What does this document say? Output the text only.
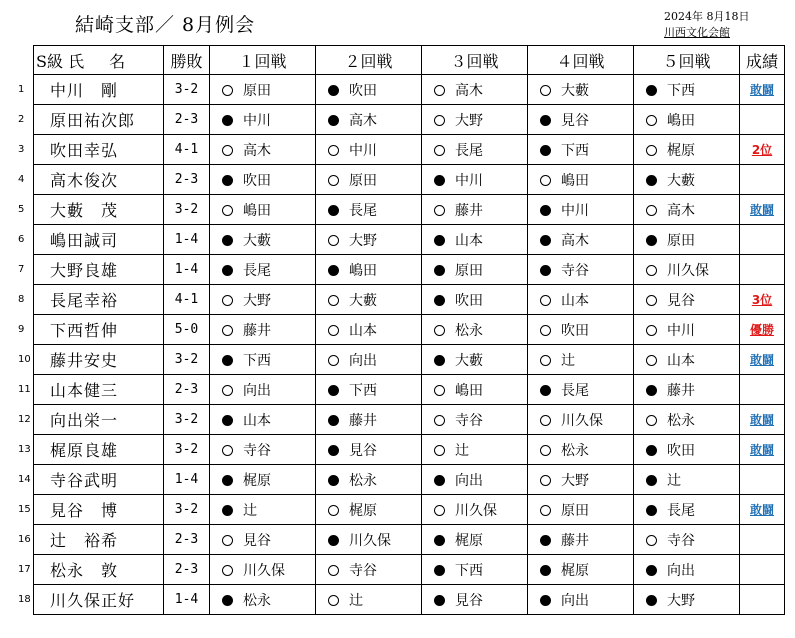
結崎支部／ 8月例会	2024年 8月18日
川西文化会館
1
2
3
4
5
6
7
8
9
10
11
12
13
14
15
16
17
18
S級 氏 名	勝敗	１回戦	２回戦	３回戦	４回戦	５回戦	成績
中川　剛	3-2	原田	吹田	高木	大藪	下西	敢闘
原田祐次郎	2-3	中川	高木	大野	見谷	嶋田	
吹田幸弘	4-1	高木	中川	長尾	下西	梶原	2位
高木俊次	2-3	吹田	原田	中川	嶋田	大藪	
大藪　茂	3-2	嶋田	長尾	藤井	中川	高木	敢闘
嶋田誠司	1-4	大藪	大野	山本	高木	原田	
大野良雄	1-4	長尾	嶋田	原田	寺谷	川久保	
長尾幸裕	4-1	大野	大藪	吹田	山本	見谷	3位
下西哲伸	5-0	藤井	山本	松永	吹田	中川	優勝
藤井安史	3-2	下西	向出	大藪	辻	山本	敢闘
山本健三	2-3	向出	下西	嶋田	長尾	藤井	
向出栄一	3-2	山本	藤井	寺谷	川久保	松永	敢闘
梶原良雄	3-2	寺谷	見谷	辻	松永	吹田	敢闘
寺谷武明	1-4	梶原	松永	向出	大野	辻	
見谷　博	3-2	辻	梶原	川久保	原田	長尾	敢闘
辻　裕希	2-3	見谷	川久保	梶原	藤井	寺谷	
松永　敦	2-3	川久保	寺谷	下西	梶原	向出	
川久保正好	1-4	松永	辻	見谷	向出	大野	
